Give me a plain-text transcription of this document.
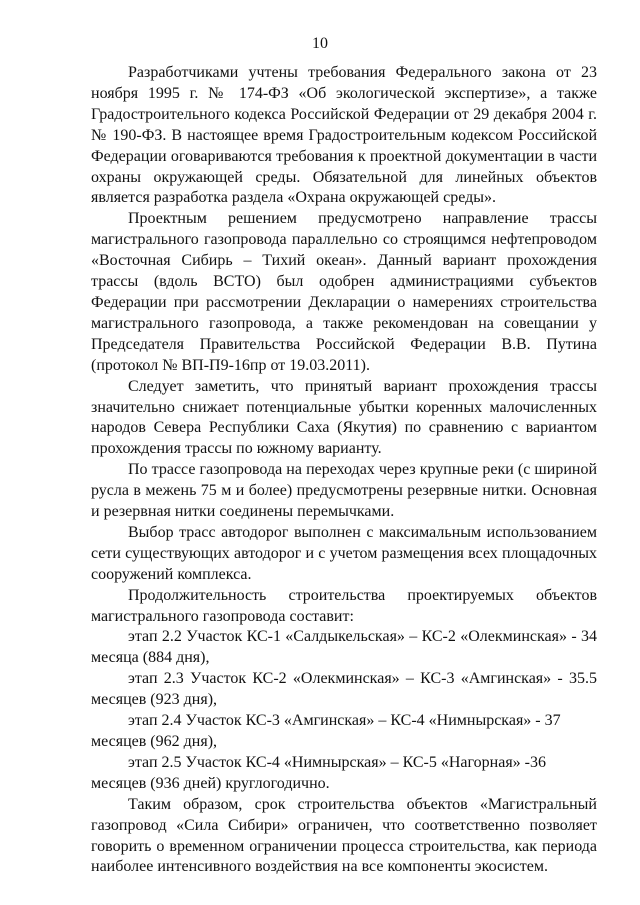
10

Разработчиками учтены требования Федерального закона от 23 ноября 1995 г. № 174-ФЗ «Об экологической экспертизе», а также Градостроительного кодекса Российской Федерации от 29 декабря 2004 г. № 190-ФЗ. В настоящее время Градостроительным кодексом Российской Федерации оговариваются требования к проектной документации в части охраны окружающей среды. Обязательной для линейных объектов является разработка раздела «Охрана окружающей среды».

Проектным решением предусмотрено направление трассы магистрального газопровода параллельно со строящимся нефтепроводом «Восточная Сибирь – Тихий океан». Данный вариант прохождения трассы (вдоль ВСТО) был одобрен администрациями субъектов Федерации при рассмотрении Декларации о намерениях строительства магистрального газопровода, а также рекомендован на совещании у Председателя Правительства Российской Федерации В.В. Путина (протокол № ВП-П9-16пр от 19.03.2011).

Следует заметить, что принятый вариант прохождения трассы значительно снижает потенциальные убытки коренных малочисленных народов Севера Республики Саха (Якутия) по сравнению с вариантом прохождения трассы по южному варианту.

По трассе газопровода на переходах через крупные реки (с шириной русла в межень 75 м и более) предусмотрены резервные нитки. Основная и резервная нитки соединены перемычками.

Выбор трасс автодорог выполнен с максимальным использованием сети существующих автодорог и с учетом размещения всех площадочных сооружений комплекса.

Продолжительность строительства проектируемых объектов магистрального газопровода составит:

этап 2.2 Участок КС-1 «Салдыкельская» – КС-2 «Олекминская» - 34 месяца (884 дня),

этап 2.3 Участок КС-2 «Олекминская» – КС-3 «Амгинская» - 35.5 месяцев (923 дня),

этап 2.4 Участок КС-3 «Амгинская» – КС-4 «Нимнырская» - 37 месяцев (962 дня),

этап 2.5 Участок КС-4 «Нимнырская» – КС-5 «Нагорная» -36 месяцев (936 дней) круглогодично.

Таким образом, срок строительства объектов «Магистральный газопровод «Сила Сибири» ограничен, что соответственно позволяет говорить о временном ограничении процесса строительства, как периода наиболее интенсивного воздействия на все компоненты экосистем.
